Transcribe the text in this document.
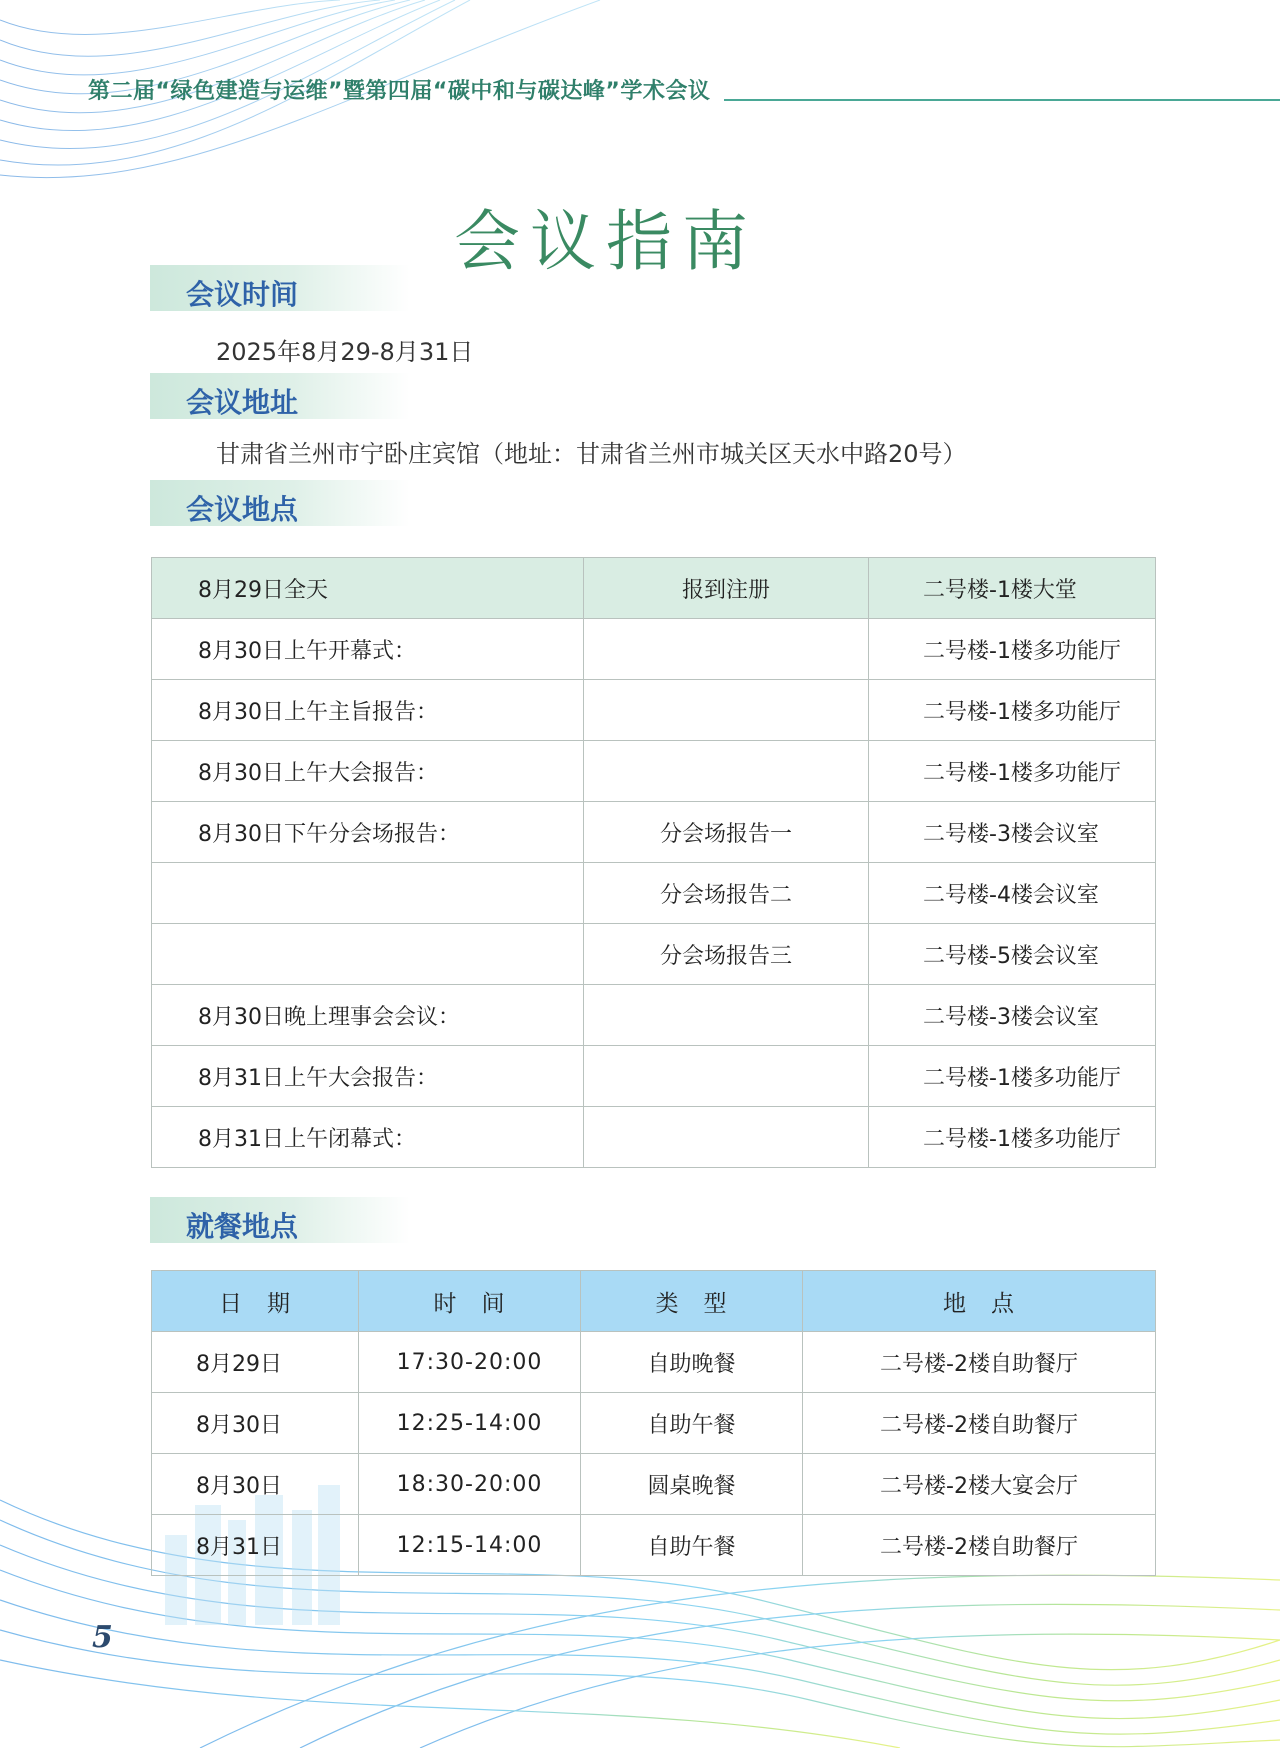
第二届“绿色建造与运维”暨第四届“碳中和与碳达峰”学术会议
会议指南
会议时间
2025年8月29-8月31日
会议地址
甘肃省兰州市宁卧庄宾馆（地址：甘肃省兰州市城关区天水中路20号）
会议地点
8月29日全天	报到注册	二号楼-1楼大堂
8月30日上午开幕式：		二号楼-1楼多功能厅
8月30日上午主旨报告：		二号楼-1楼多功能厅
8月30日上午大会报告：		二号楼-1楼多功能厅
8月30日下午分会场报告：	分会场报告一	二号楼-3楼会议室
	分会场报告二	二号楼-4楼会议室
	分会场报告三	二号楼-5楼会议室
8月30日晚上理事会会议：		二号楼-3楼会议室
8月31日上午大会报告：		二号楼-1楼多功能厅
8月31日上午闭幕式：		二号楼-1楼多功能厅
就餐地点
日　期	时　间	类　型	地　点
8月29日	17:30-20:00	自助晚餐	二号楼-2楼自助餐厅
8月30日	12:25-14:00	自助午餐	二号楼-2楼自助餐厅
8月30日	18:30-20:00	圆桌晚餐	二号楼-2楼大宴会厅
8月31日	12:15-14:00	自助午餐	二号楼-2楼自助餐厅
5
